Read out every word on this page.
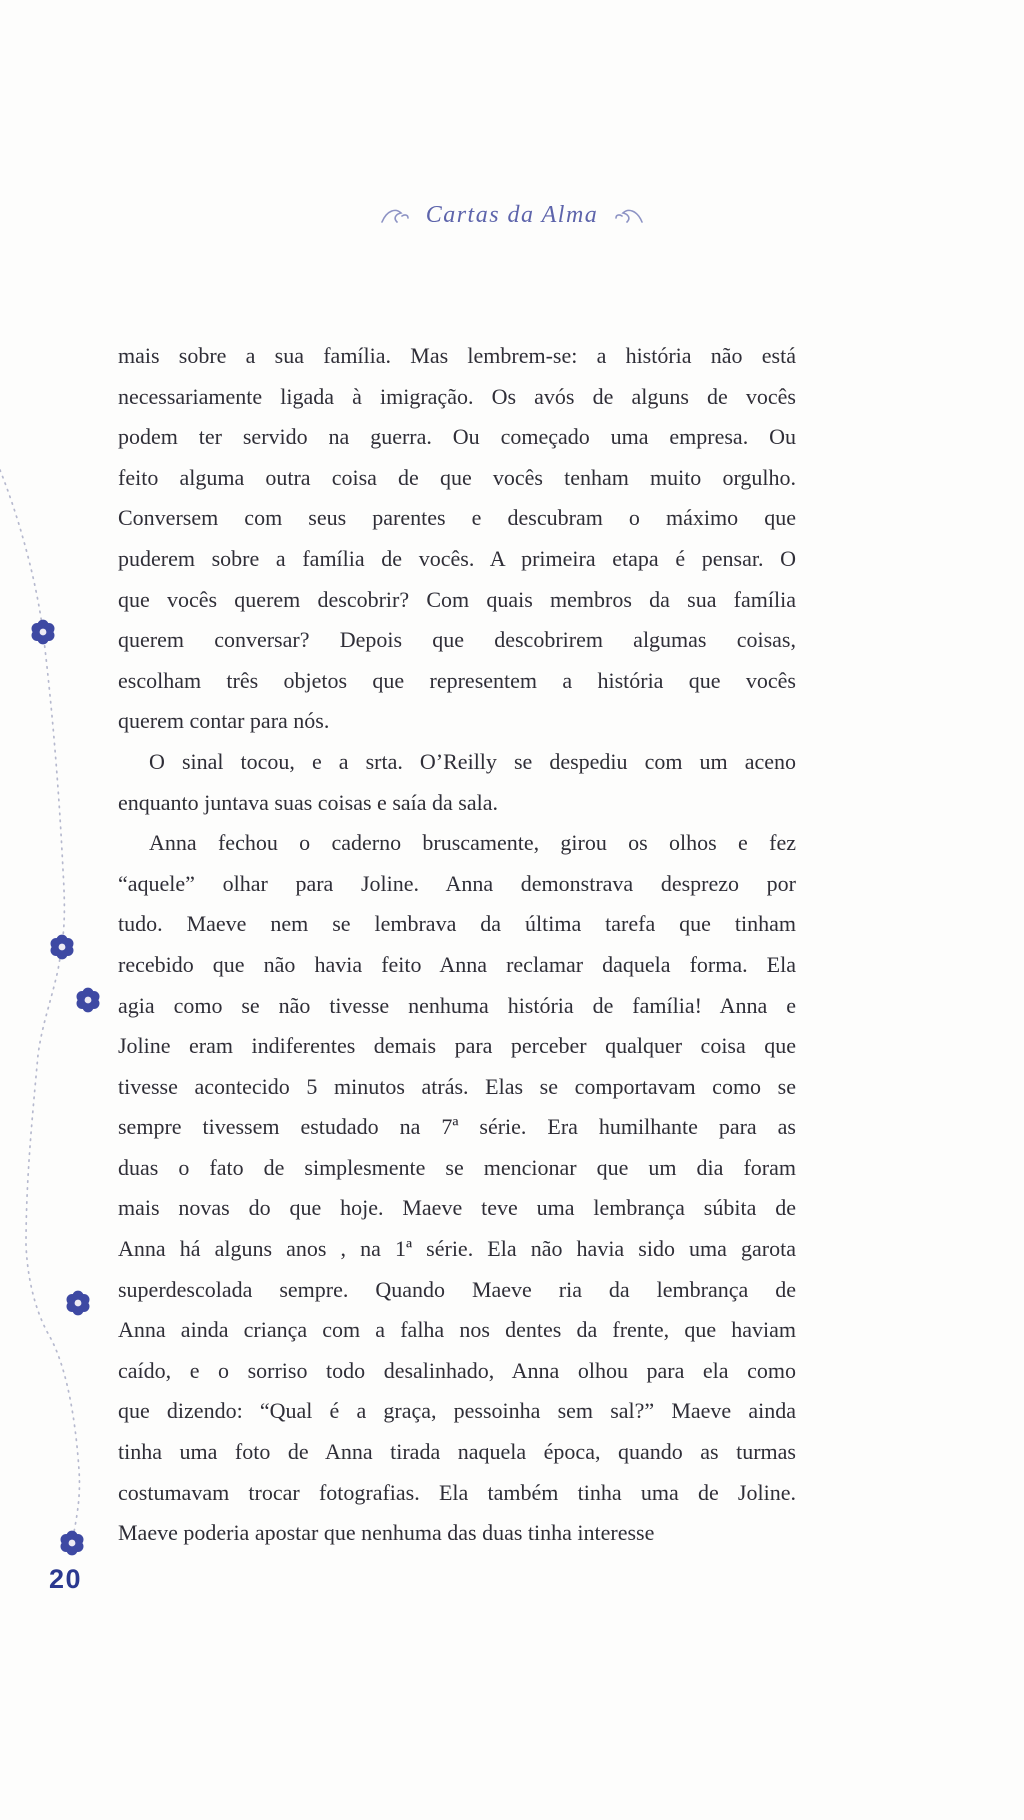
Cartas da Alma
mais sobre a sua família. Mas lembrem-se: a história não está
necessariamente ligada à imigração. Os avós de alguns de vocês
podem ter servido na guerra. Ou começado uma empresa. Ou
feito alguma outra coisa de que vocês tenham muito orgulho.
Conversem com seus parentes e descubram o máximo que
puderem sobre a família de vocês. A primeira etapa é pensar. O
que vocês querem descobrir? Com quais membros da sua família
querem conversar? Depois que descobrirem algumas coisas,
escolham três objetos que representem a história que vocês
querem contar para nós.
O sinal tocou, e a srta. O’Reilly se despediu com um aceno
enquanto juntava suas coisas e saía da sala.
Anna fechou o caderno bruscamente, girou os olhos e fez
“aquele” olhar para Joline. Anna demonstrava desprezo por
tudo. Maeve nem se lembrava da última tarefa que tinham
recebido que não havia feito Anna reclamar daquela forma. Ela
agia como se não tivesse nenhuma história de família! Anna e
Joline eram indiferentes demais para perceber qualquer coisa que
tivesse acontecido 5 minutos atrás. Elas se comportavam como se
sempre tivessem estudado na 7ª série. Era humilhante para as
duas o fato de simplesmente se mencionar que um dia foram
mais novas do que hoje. Maeve teve uma lembrança súbita de
Anna há alguns anos , na 1ª série. Ela não havia sido uma garota
superdescolada sempre. Quando Maeve ria da lembrança de
Anna ainda criança com a falha nos dentes da frente, que haviam
caído, e o sorriso todo desalinhado, Anna olhou para ela como
que dizendo: “Qual é a graça, pessoinha sem sal?” Maeve ainda
tinha uma foto de Anna tirada naquela época, quando as turmas
costumavam trocar fotografias. Ela também tinha uma de Joline.
Maeve poderia apostar que nenhuma das duas tinha interesse
20
